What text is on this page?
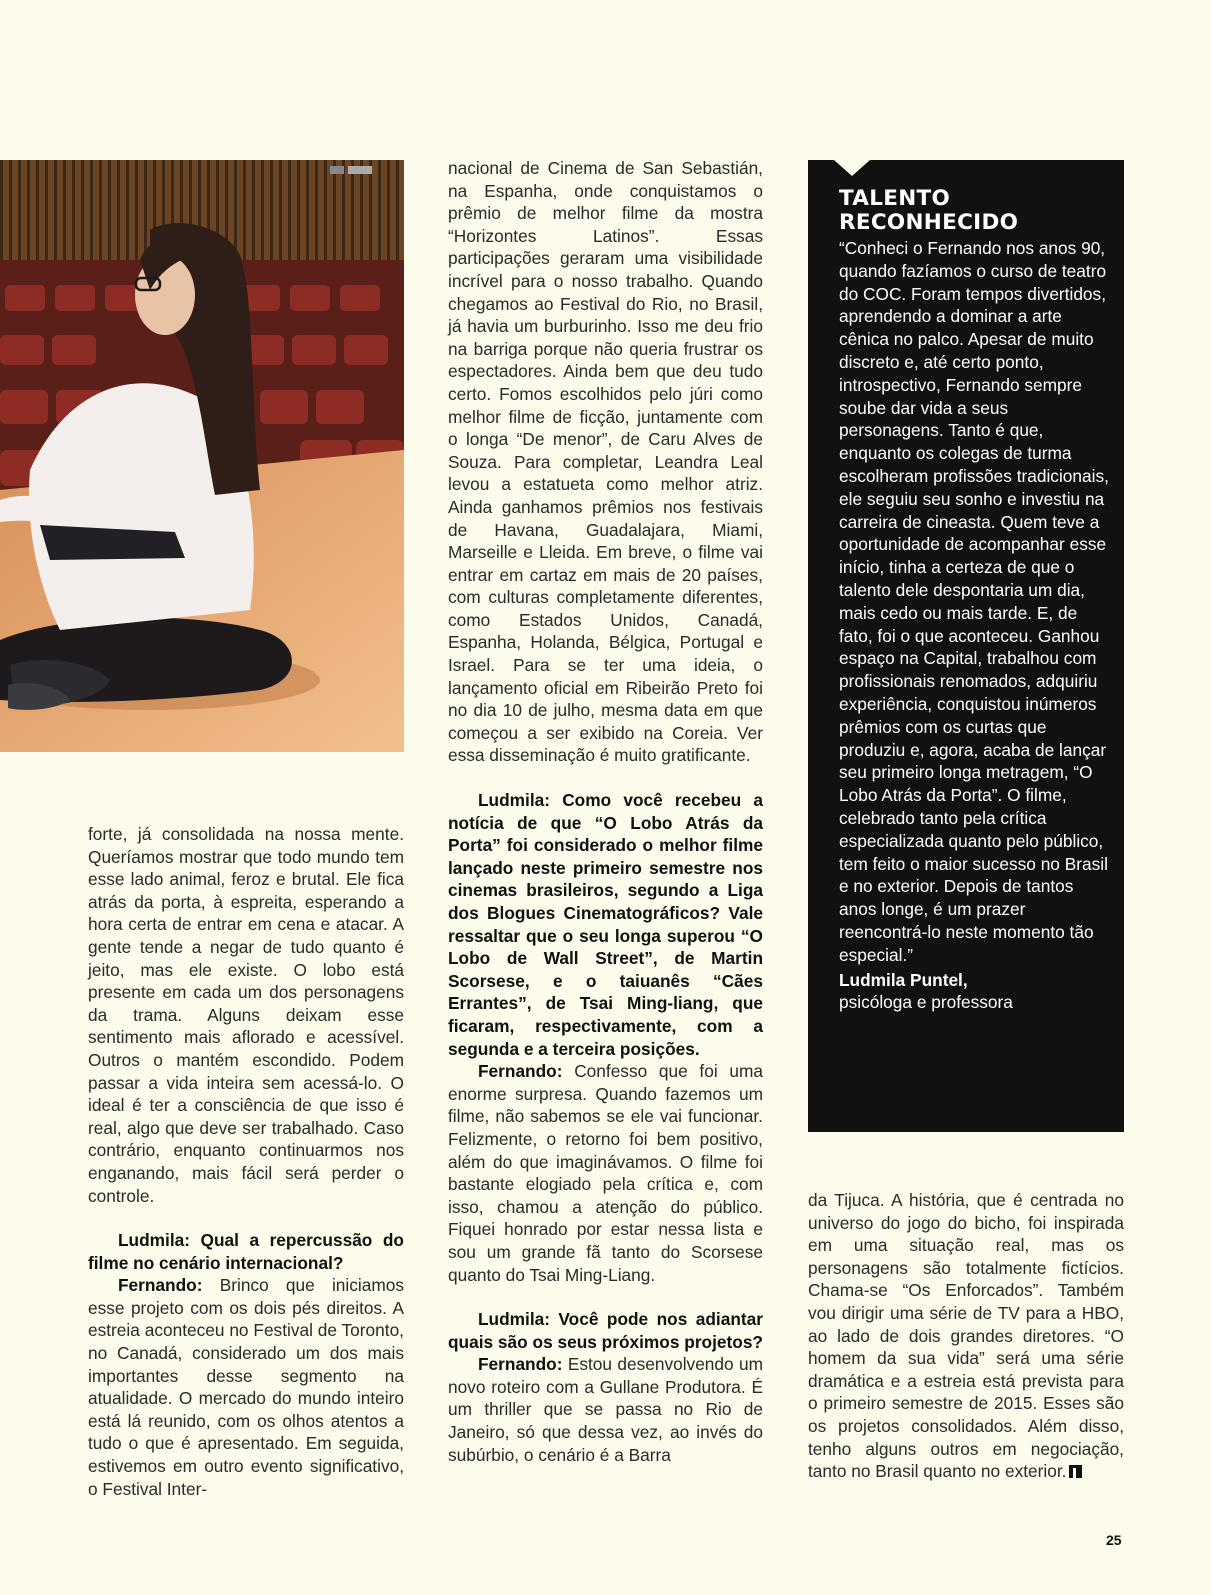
forte, já consolidada na nossa mente. Queríamos mostrar que todo mundo tem esse lado animal, feroz e brutal. Ele fica atrás da porta, à espreita, esperando a hora certa de entrar em cena e atacar. A gente tende a negar de tudo quanto é jeito, mas ele existe. O lobo está presente em cada um dos personagens da trama. Alguns deixam esse sentimento mais aflorado e acessível. Outros o mantém escondido. Podem passar a vida inteira sem acessá-lo. O ideal é ter a consciência de que isso é real, algo que deve ser trabalhado. Caso contrário, enquanto continuarmos nos enganando, mais fácil será perder o controle.

Ludmila: Qual a repercussão do filme no cenário internacional?

Fernando: Brinco que iniciamos esse projeto com os dois pés direitos. A estreia aconteceu no Festival de Toronto, no Canadá, considerado um dos mais importantes desse segmento na atualidade. O mercado do mundo inteiro está lá reunido, com os olhos atentos a tudo o que é apresentado. Em seguida, estivemos em outro evento significativo, o Festival Inter-

nacional de Cinema de San Sebastián, na Espanha, onde conquistamos o prêmio de melhor filme da mostra “Horizontes Latinos”. Essas participações geraram uma visibilidade incrível para o nosso trabalho. Quando chegamos ao Festival do Rio, no Brasil, já havia um burburinho. Isso me deu frio na barriga porque não queria frustrar os espectadores. Ainda bem que deu tudo certo. Fomos escolhidos pelo júri como melhor filme de ficção, juntamente com o longa “De menor”, de Caru Alves de Souza. Para completar, Leandra Leal levou a estatueta como melhor atriz. Ainda ganhamos prêmios nos festivais de Havana, Guadalajara, Miami, Marseille e Lleida. Em breve, o filme vai entrar em cartaz em mais de 20 países, com culturas completamente diferentes, como Estados Unidos, Canadá, Espanha, Holanda, Bélgica, Portugal e Israel. Para se ter uma ideia, o lançamento oficial em Ribeirão Preto foi no dia 10 de julho, mesma data em que começou a ser exibido na Coreia. Ver essa disseminação é muito gratificante.

Ludmila: Como você recebeu a notícia de que “O Lobo Atrás da Porta” foi considerado o melhor filme lançado neste primeiro semestre nos cinemas brasileiros, segundo a Liga dos Blogues Cinematográficos? Vale ressaltar que o seu longa superou “O Lobo de Wall Street”, de Martin Scorsese, e o taiuanês “Cães Errantes”, de Tsai Ming-liang, que ficaram, respectivamente, com a segunda e a terceira posições.

Fernando: Confesso que foi uma enorme surpresa. Quando fazemos um filme, não sabemos se ele vai funcionar. Felizmente, o retorno foi bem positivo, além do que imaginávamos. O filme foi bastante elogiado pela crítica e, com isso, chamou a atenção do público. Fiquei honrado por estar nessa lista e sou um grande fã tanto do Scorsese quanto do Tsai Ming-Liang.

Ludmila: Você pode nos adiantar quais são os seus próximos projetos?

Fernando: Estou desenvolvendo um novo roteiro com a Gullane Produtora. É um thriller que se passa no Rio de Janeiro, só que dessa vez, ao invés do subúrbio, o cenário é a Barra

TALENTO RECONHECIDO
“Conheci o Fernando nos anos 90, quando fazíamos o curso de teatro do COC. Foram tempos divertidos, aprendendo a dominar a arte cênica no palco. Apesar de muito discreto e, até certo ponto, introspectivo, Fernando sempre soube dar vida a seus personagens. Tanto é que, enquanto os colegas de turma escolheram profissões tradicionais, ele seguiu seu sonho e investiu na carreira de cineasta. Quem teve a oportunidade de acompanhar esse início, tinha a certeza de que o talento dele despontaria um dia, mais cedo ou mais tarde. E, de fato, foi o que aconteceu. Ganhou espaço na Capital, trabalhou com profissionais renomados, adquiriu experiência, conquistou inúmeros prêmios com os curtas que produziu e, agora, acaba de lançar seu primeiro longa metragem, “O Lobo Atrás da Porta”. O filme, celebrado tanto pela crítica especializada quanto pelo público, tem feito o maior sucesso no Brasil e no exterior. Depois de tantos anos longe, é um prazer reencontrá-lo neste momento tão especial.”
Ludmila Puntel,
psicóloga e professora

da Tijuca. A história, que é centrada no universo do jogo do bicho, foi inspirada em uma situação real, mas os personagens são totalmente fictícios. Chama-se “Os Enforcados”. Também vou dirigir uma série de TV para a HBO, ao lado de dois grandes diretores. “O homem da sua vida” será uma série dramática e a estreia está prevista para o primeiro semestre de 2015. Esses são os projetos consolidados. Além disso, tenho alguns outros em negociação, tanto no Brasil quanto no exterior.

25
